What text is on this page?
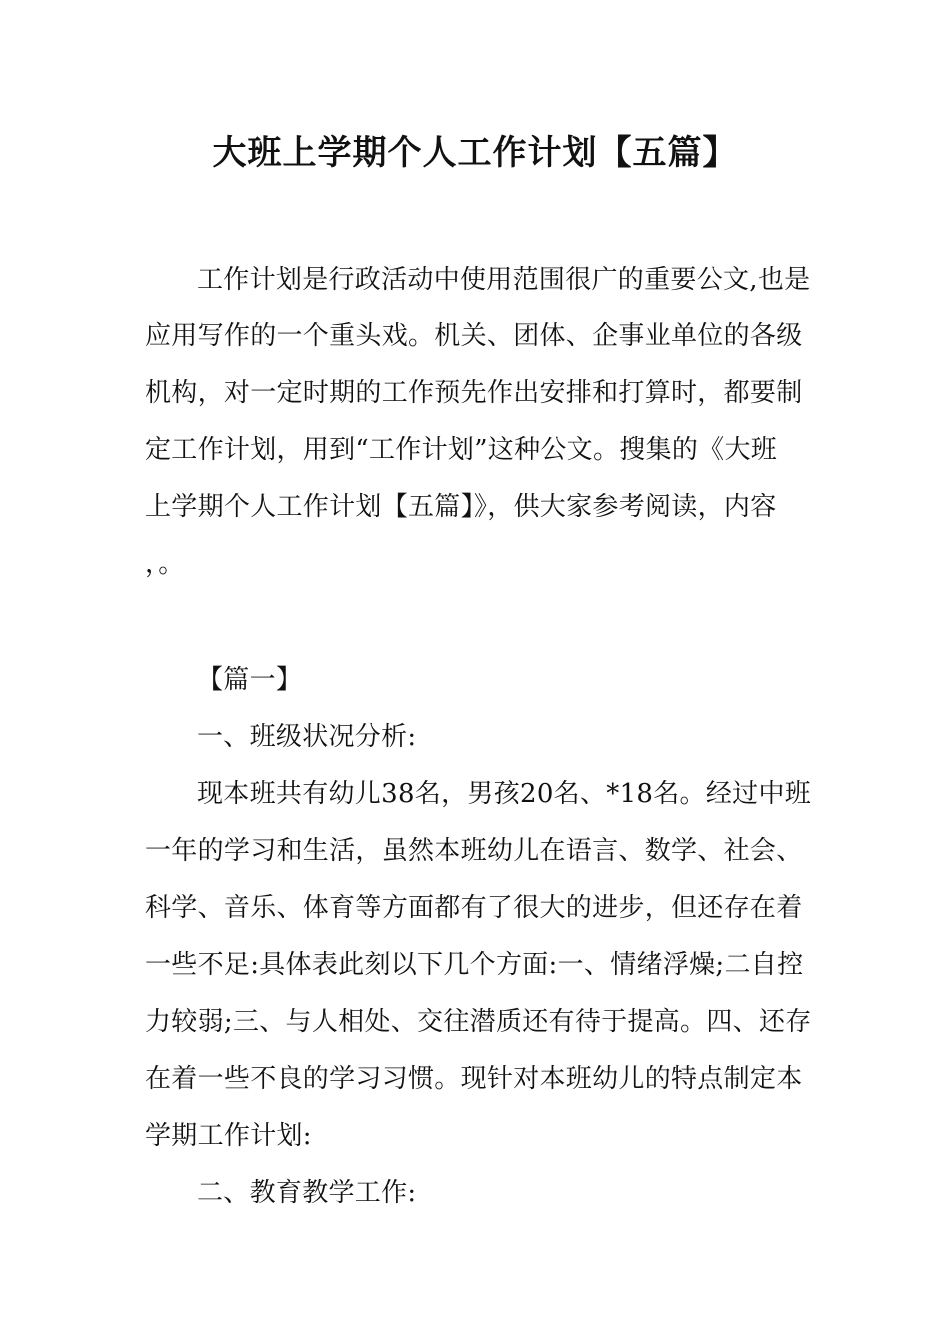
大班上学期个人工作计划【五篇】

工作计划是行政活动中使用范围很广的重要公文,也是

应用写作的一个重头戏。机关、团体、企事业单位的各级

机构，对一定时期的工作预先作出安排和打算时，都要制

定工作计划，用到“工作计划”这种公文。搜集的《大班

上学期个人工作计划【五篇】》，供大家参考阅读，内容

，。

【篇一】

一、班级状况分析:

现本班共有幼儿38名，男孩20名、*18名。经过中班

一年的学习和生活，虽然本班幼儿在语言、数学、社会、

科学、音乐、体育等方面都有了很大的进步，但还存在着

一些不足:具体表此刻以下几个方面:一、情绪浮燥;二自控

力较弱;三、与人相处、交往潜质还有待于提高。四、还存

在着一些不良的学习习惯。现针对本班幼儿的特点制定本

学期工作计划:

二、教育教学工作:
